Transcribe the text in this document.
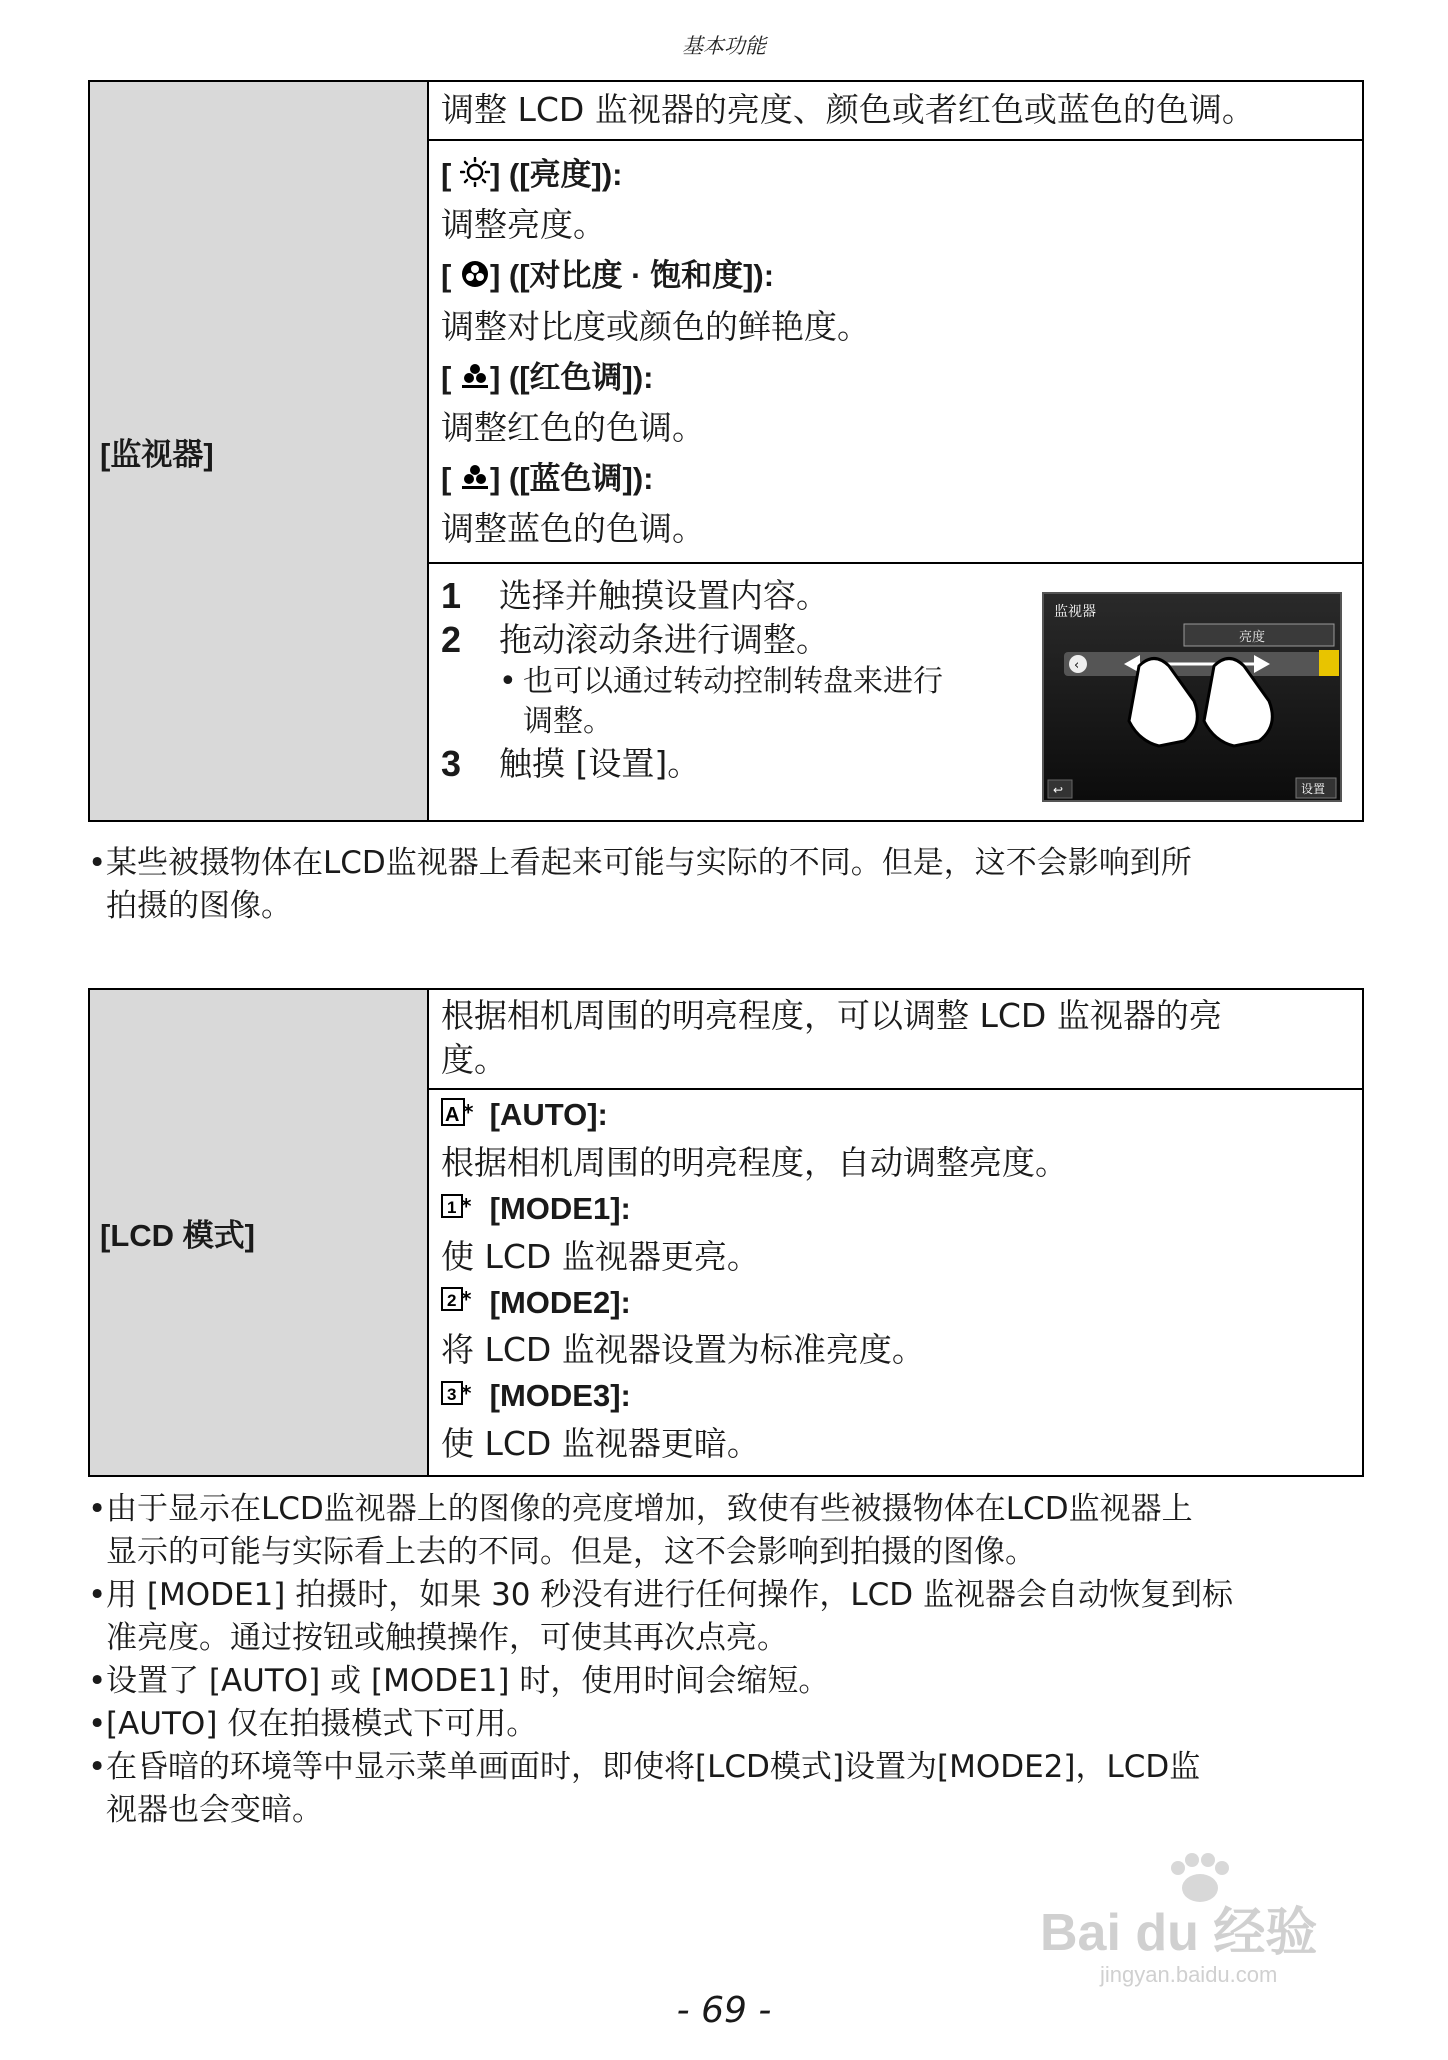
基本功能
[监视器]	调整 LCD 监视器的亮度、颜色或者红色或蓝色的色调。

[ ] ([亮度]):
调整亮度。
[ ] ([对比度 · 饱和度]):
调整对比度或颜色的鲜艳度。
[ ] ([红色调]):
调整红色的色调。
[ ] ([蓝色调]):
调整蓝色的色调。

1	选择并触摸设置内容。
2	拖动滚动条进行调整。
• 也可以通过转动控制转盘来进行
调整。
3	触摸 [设置]。
监视器
亮度
‹
↩	设置
• 某些被摄物体在LCD监视器上看起来可能与实际的不同。但是，这不会影响到所
拍摄的图像。
[LCD 模式]	根据相机周围的明亮程度，可以调整 LCD 监视器的亮
度。

A * [AUTO]:
根据相机周围的明亮程度，自动调整亮度。
1 * [MODE1]:
使 LCD 监视器更亮。
2 * [MODE2]:
将 LCD 监视器设置为标准亮度。
3 * [MODE3]:
使 LCD 监视器更暗。
• 由于显示在LCD监视器上的图像的亮度增加，致使有些被摄物体在LCD监视器上
显示的可能与实际看上去的不同。但是，这不会影响到拍摄的图像。
• 用 [MODE1] 拍摄时，如果 30 秒没有进行任何操作，LCD 监视器会自动恢复到标
准亮度。通过按钮或触摸操作，可使其再次点亮。
• 设置了 [AUTO] 或 [MODE1] 时，使用时间会缩短。
• [AUTO] 仅在拍摄模式下可用。
• 在昏暗的环境等中显示菜单画面时，即使将[LCD模式]设置为[MODE2]，LCD监
视器也会变暗。
Bai du 经验
jingyan.baidu.com
- 69 -
